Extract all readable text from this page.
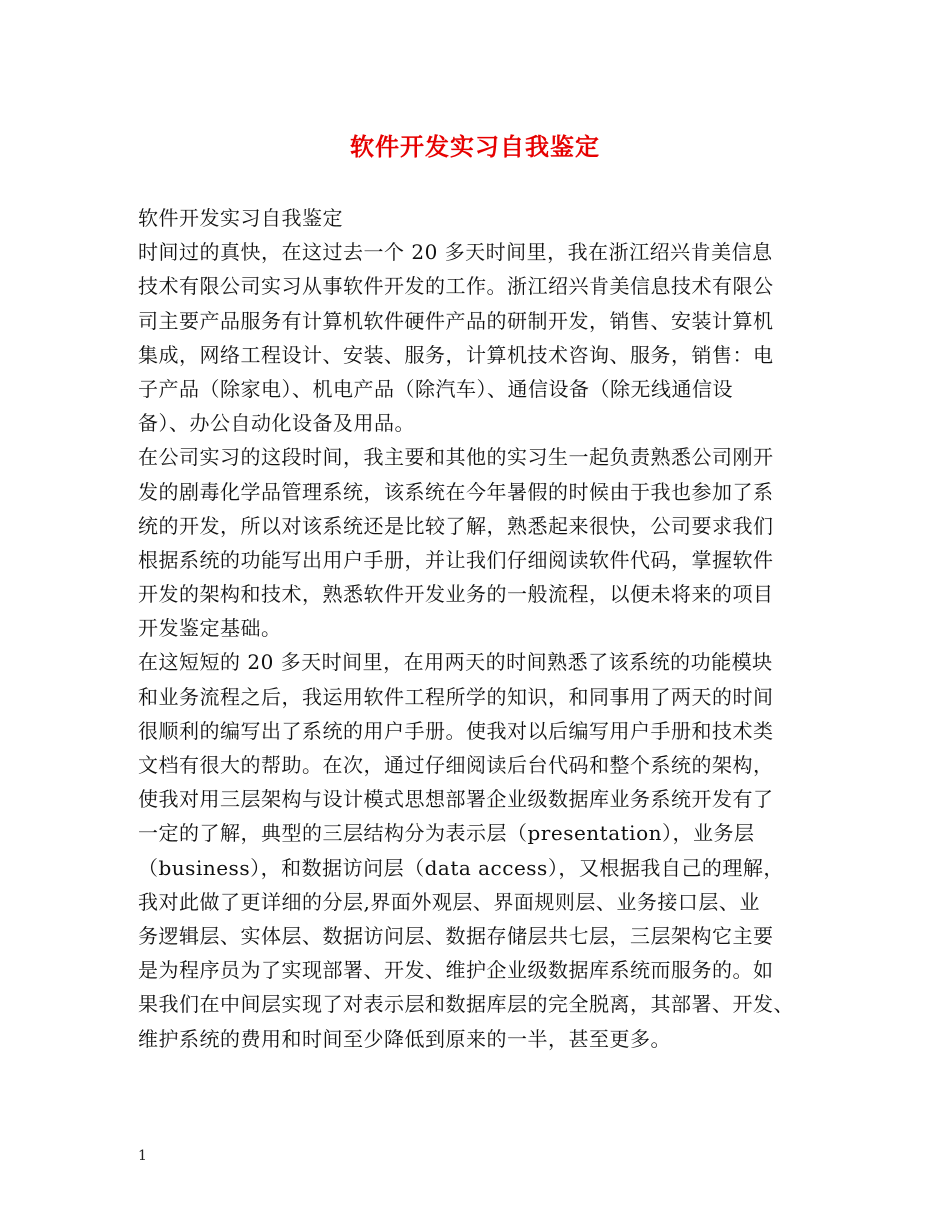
软件开发实习自我鉴定
软件开发实习自我鉴定
时间过的真快，在这过去一个 20 多天时间里，我在浙江绍兴肯美信息
技术有限公司实习从事软件开发的工作。浙江绍兴肯美信息技术有限公
司主要产品服务有计算机软件硬件产品的研制开发，销售、安装计算机
集成，网络工程设计、安装、服务，计算机技术咨询、服务，销售：电
子产品（除家电）、机电产品（除汽车）、通信设备（除无线通信设
备）、办公自动化设备及用品。
在公司实习的这段时间，我主要和其他的实习生一起负责熟悉公司刚开
发的剧毒化学品管理系统，该系统在今年暑假的时候由于我也参加了系
统的开发，所以对该系统还是比较了解，熟悉起来很快，公司要求我们
根据系统的功能写出用户手册，并让我们仔细阅读软件代码，掌握软件
开发的架构和技术，熟悉软件开发业务的一般流程，以便未将来的项目
开发鉴定基础。
在这短短的 20 多天时间里，在用两天的时间熟悉了该系统的功能模块
和业务流程之后，我运用软件工程所学的知识，和同事用了两天的时间
很顺利的编写出了系统的用户手册。使我对以后编写用户手册和技术类
文档有很大的帮助。在次，通过仔细阅读后台代码和整个系统的架构，
使我对用三层架构与设计模式思想部署企业级数据库业务系统开发有了
一定的了解，典型的三层结构分为表示层（presentation），业务层
（business），和数据访问层（data access），又根据我自己的理解，
我对此做了更详细的分层,界面外观层、界面规则层、业务接口层、业
务逻辑层、实体层、数据访问层、数据存储层共七层，三层架构它主要
是为程序员为了实现部署、开发、维护企业级数据库系统而服务的。如
果我们在中间层实现了对表示层和数据库层的完全脱离，其部署、开发、
维护系统的费用和时间至少降低到原来的一半，甚至更多。
1
